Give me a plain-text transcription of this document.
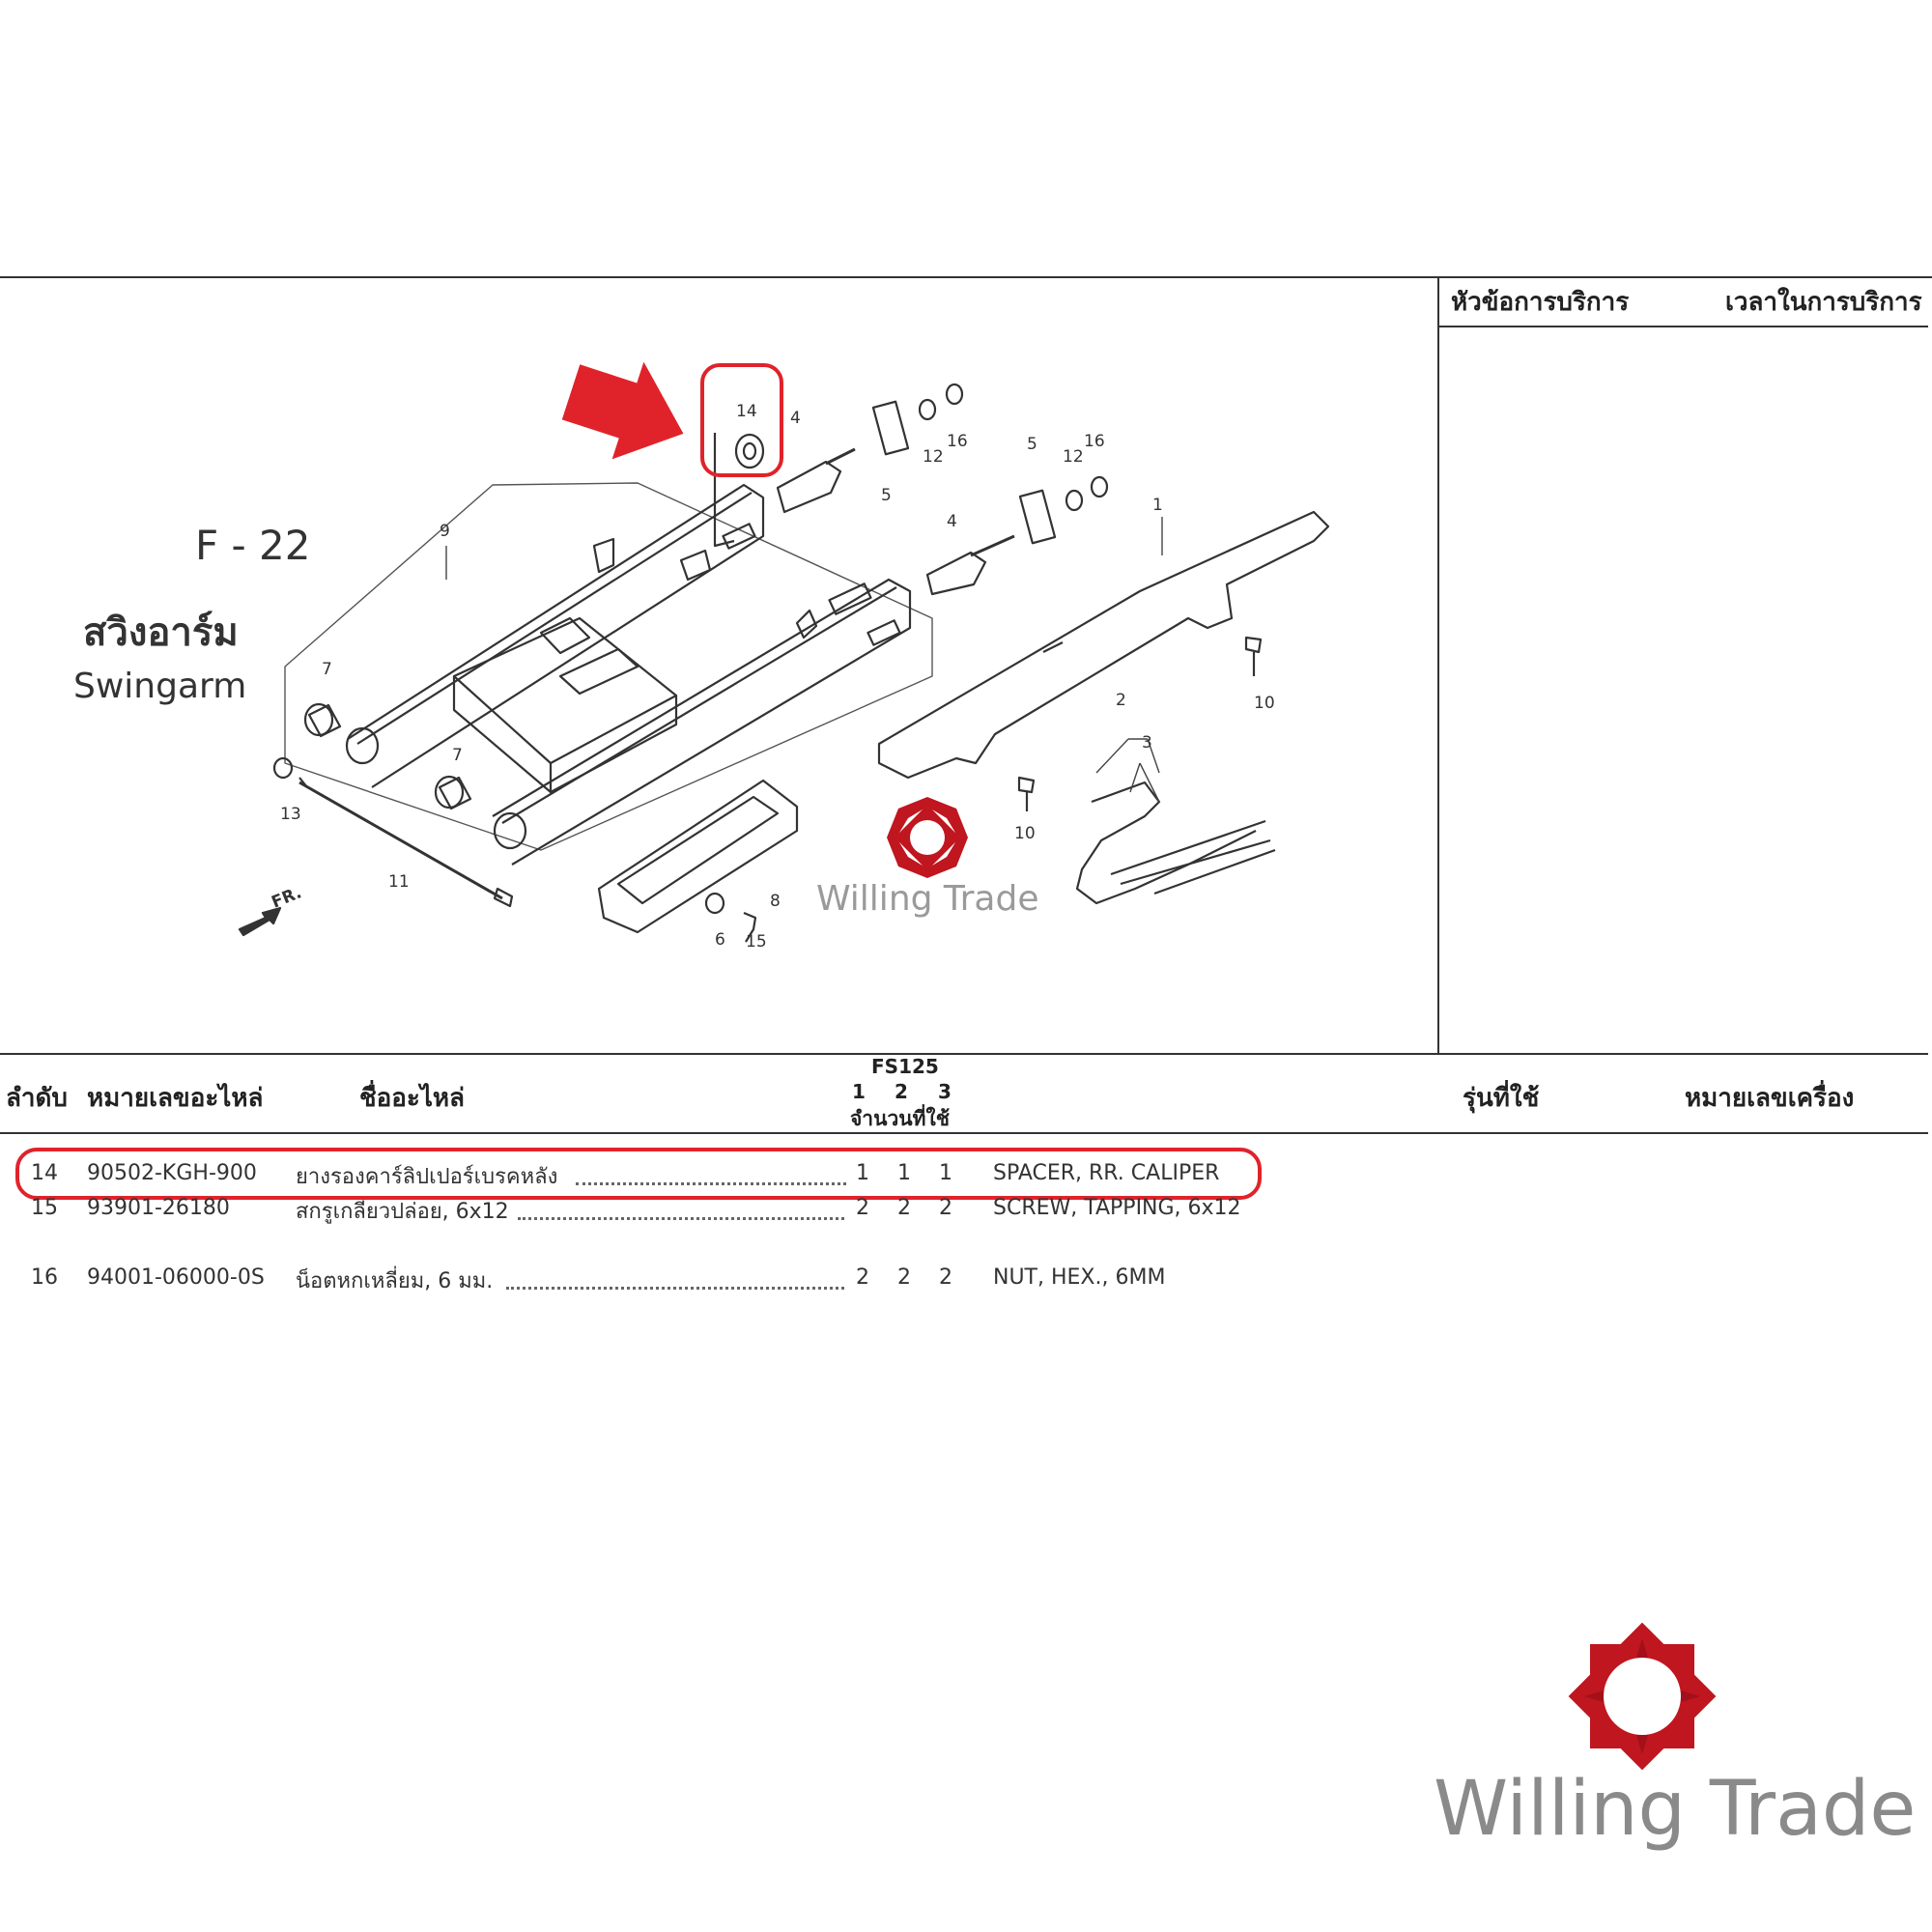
หัวข้อการบริการ	เวลาในการบริการ
F - 22
สวิงอาร์ม
Swingarm
1
2
3
4
4
5
5
6
7
7
8
9
10
10
11
12	12
13
14
15
16	16
FR.	Willing Trade
ลำดับ หมายเลขอะไหล่	ชื่ออะไหล่
FS125
1 2 3
จำนวนที่ใช้
รุ่นที่ใช้	หมายเลขเครื่อง
14 90502-KGH-900 ยางรองคาร์ลิปเปอร์เบรคหลัง	1 1 1 SPACER, RR. CALIPER
15 93901-26180	สกรูเกลียวปล่อย, 6x12	2 2 2 SCREW, TAPPING, 6x12
16 94001-06000-0S น็อตหกเหลี่ยม, 6 มม.	2 2 2 NUT, HEX., 6MM
Willing Trade
